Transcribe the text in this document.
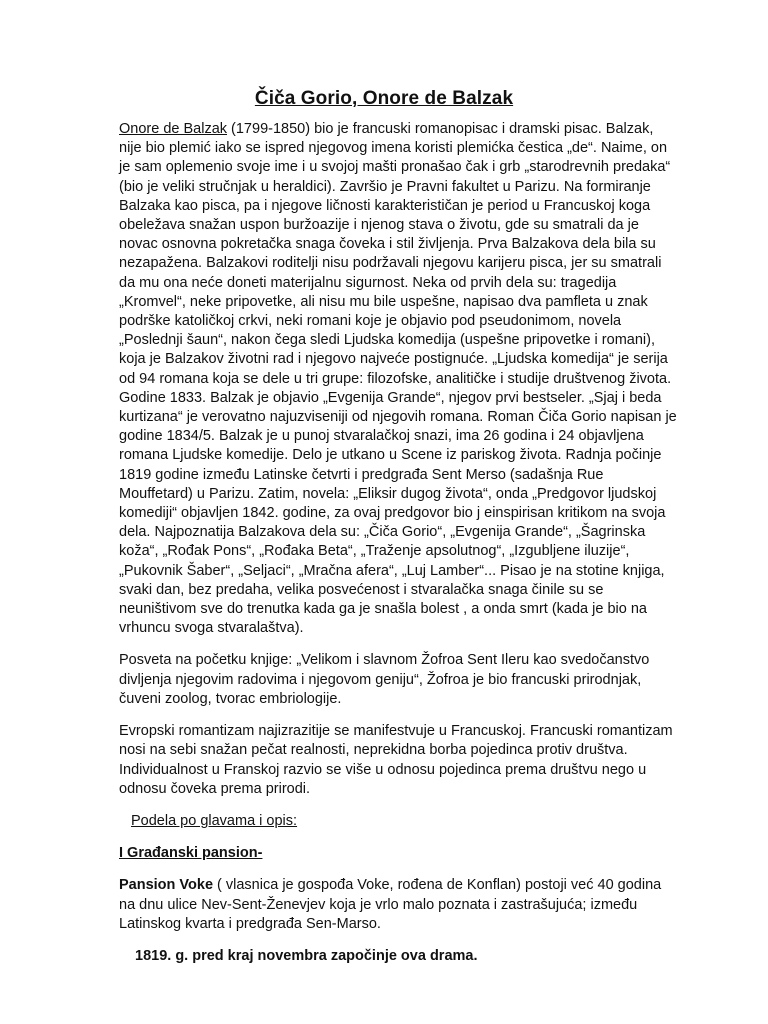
Čiča Gorio, Onore de Balzak

Onore de Balzak (1799-1850) bio je francuski romanopisac i dramski pisac. Balzak, nije bio plemić iako se ispred njegovog imena koristi plemićka čestica „de“. Naime, on je sam oplemenio svoje ime i u svojoj mašti pronašao čak i grb „starodrevnih predaka“ (bio je veliki stručnjak u heraldici). Završio je Pravni fakultet u Parizu. Na formiranje Balzaka kao pisca, pa i njegove ličnosti karakterističan je period u Francuskoj koga obeležava snažan uspon buržoazije i njenog stava o životu, gde su smatrali da je novac osnovna pokretačka snaga čoveka i stil življenja. Prva Balzakova dela bila su nezapažena. Balzakovi roditelji nisu podržavali njegovu karijeru pisca, jer su smatrali da mu ona neće doneti materijalnu sigurnost. Neka od prvih dela su: tragedija „Kromvel“, neke pripovetke, ali nisu mu bile uspešne, napisao dva pamfleta u znak podrške katoličkoj crkvi, neki romani koje je objavio pod pseudonimom, novela „Poslednji šaun“, nakon čega sledi Ljudska komedija (uspešne pripovetke i romani), koja je Balzakov životni rad i njegovo najveće postignuće. „Ljudska komedija“ je serija od 94 romana koja se dele u tri grupe: filozofske, analitičke i studije društvenog života. Godine 1833. Balzak je objavio „Evgenija Grande“, njegov prvi bestseler. „Sjaj i beda kurtizana“ je verovatno najuzviseniji od njegovih romana. Roman Čiča Gorio napisan je godine 1834/5. Balzak je u punoj stvaralačkoj snazi, ima 26 godina i 24 objavljena romana Ljudske komedije. Delo je utkano u Scene iz pariskog života. Radnja počinje 1819 godine između Latinske četvrti i predgrađa Sent Merso (sadašnja Rue Mouffetard) u Parizu. Zatim, novela: „Eliksir dugog života“, onda „Predgovor ljudskoj komediji“ objavljen 1842. godine, za ovaj predgovor bio j einspirisan kritikom na svoja dela. Najpoznatija Balzakova dela su: „Čiča Gorio“, „Evgenija Grande“, „Šagrinska koža“, „Rođak Pons“, „Rođaka Beta“, „Traženje apsolutnog“, „Izgubljene iluzije“, „Pukovnik Šaber“, „Seljaci“, „Mračna afera“, „Luj Lamber“... Pisao je na stotine knjiga, svaki dan, bez predaha, velika posvećenost i stvaralačka snaga činile su se neuništivom sve do trenutka kada ga je snašla bolest , a onda smrt (kada je bio na vrhuncu svoga stvaralaštva).

Posveta na početku knjige: „Velikom i slavnom Žofroa Sent Ileru kao svedočanstvo divljenja njegovim radovima i njegovom geniju“, Žofroa je bio francuski prirodnjak, čuveni zoolog, tvorac embriologije.

Evropski romantizam najizrazitije se manifestvuje u Francuskoj. Francuski romantizam nosi na sebi snažan pečat realnosti, neprekidna borba pojedinca protiv društva. Individualnost u Franskoj razvio se više u odnosu pojedinca prema društvu nego u odnosu čoveka prema prirodi.

Podela po glavama i opis:
I Građanski pansion-

Pansion Voke ( vlasnica je gospođa Voke, rođena de Konflan) postoji već 40 godina na dnu ulice Nev-Sent-Ženevjev koja je vrlo malo poznata i zastrašujuća; između Latinskog kvarta i predgrađa Sen-Marso.

1819. g. pred kraj novembra započinje ova drama.
